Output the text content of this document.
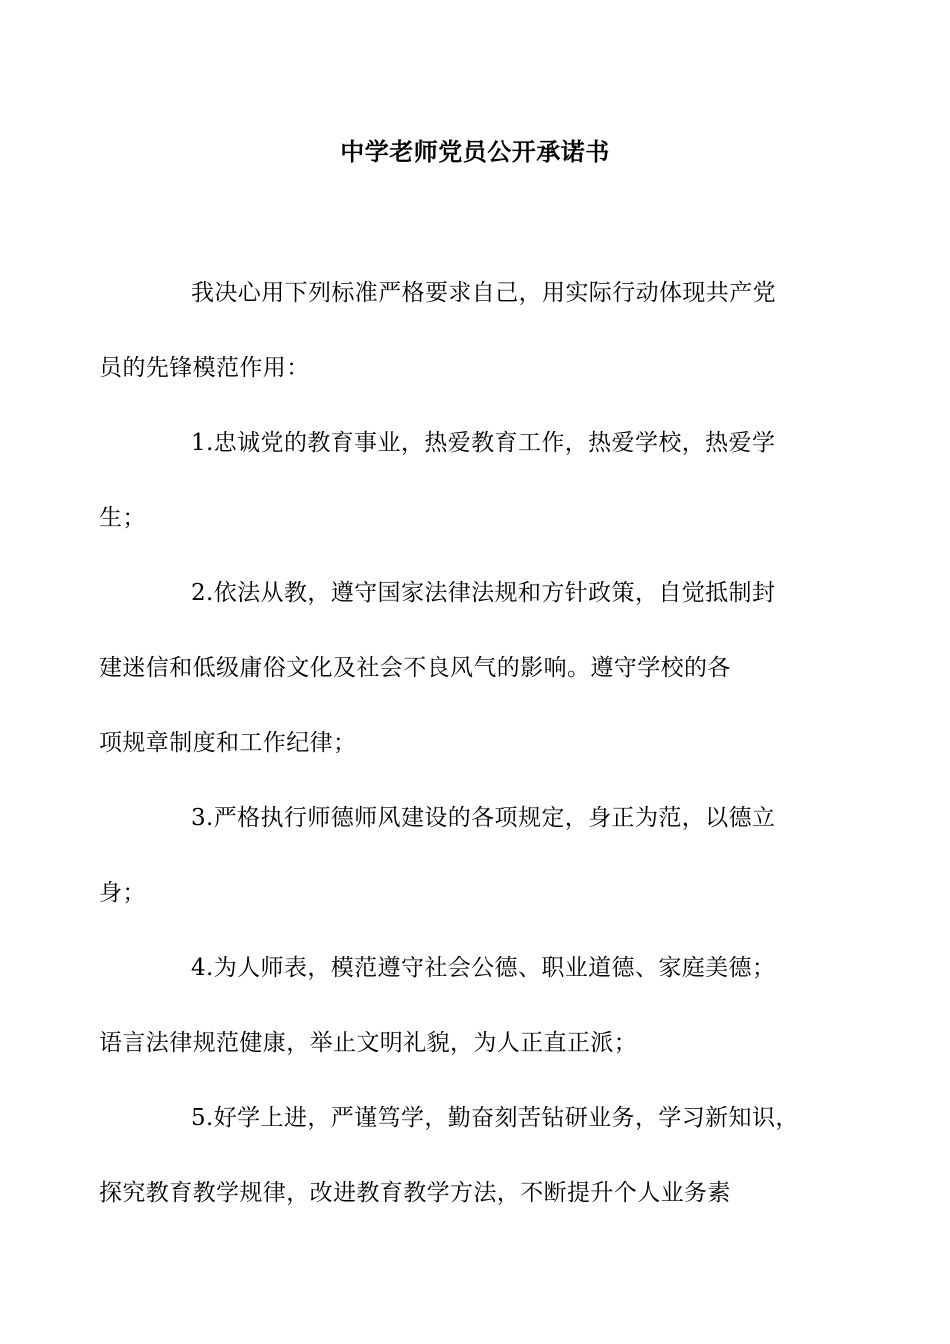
中学老师党员公开承诺书

我决心用下列标准严格要求自己，用实际行动体现共产党
员的先锋模范作用：

1.忠诚党的教育事业，热爱教育工作，热爱学校，热爱学
生；

2.依法从教，遵守国家法律法规和方针政策，自觉抵制封
建迷信和低级庸俗文化及社会不良风气的影响。遵守学校的各
项规章制度和工作纪律；

3.严格执行师德师风建设的各项规定，身正为范，以德立
身；

4.为人师表，模范遵守社会公德、职业道德、家庭美德；
语言法律规范健康，举止文明礼貌，为人正直正派；

5.好学上进，严谨笃学，勤奋刻苦钻研业务，学习新知识，
探究教育教学规律，改进教育教学方法，不断提升个人业务素
